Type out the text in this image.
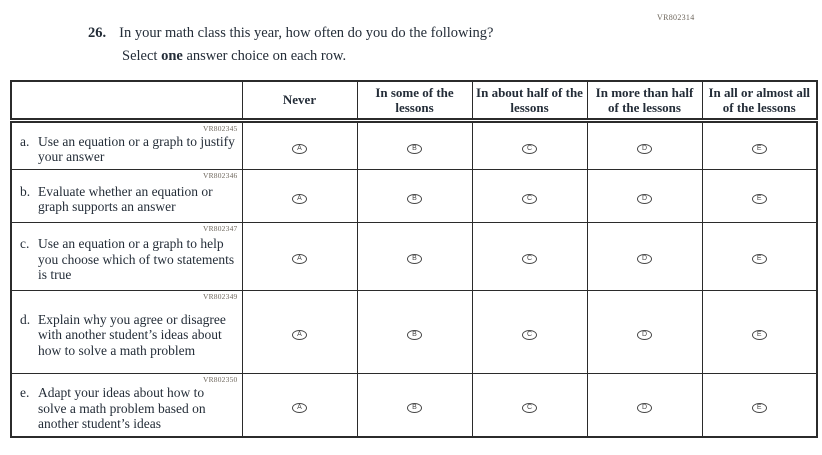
VR802314
26. In your math class this year, how often do you do the following?
Select one answer choice on each row.
	Never	In some of the lessons	In about half of the lessons	In more than half of the lessons	In all or almost all of the lessons

VR802345
a. Use an equation or a graph to justify your answer	A	B	C	D	E

VR802346
b. Evaluate whether an equation or graph supports an answer	A	B	C	D	E

VR802347
c. Use an equation or a graph to help you choose which of two statements is true	A	B	C	D	E

VR802349
d. Explain why you agree or disagree with another student’s ideas about how to solve a math problem	A	B	C	D	E

VR802350
e. Adapt your ideas about how to solve a math problem based on another student’s ideas	A	B	C	D	E
